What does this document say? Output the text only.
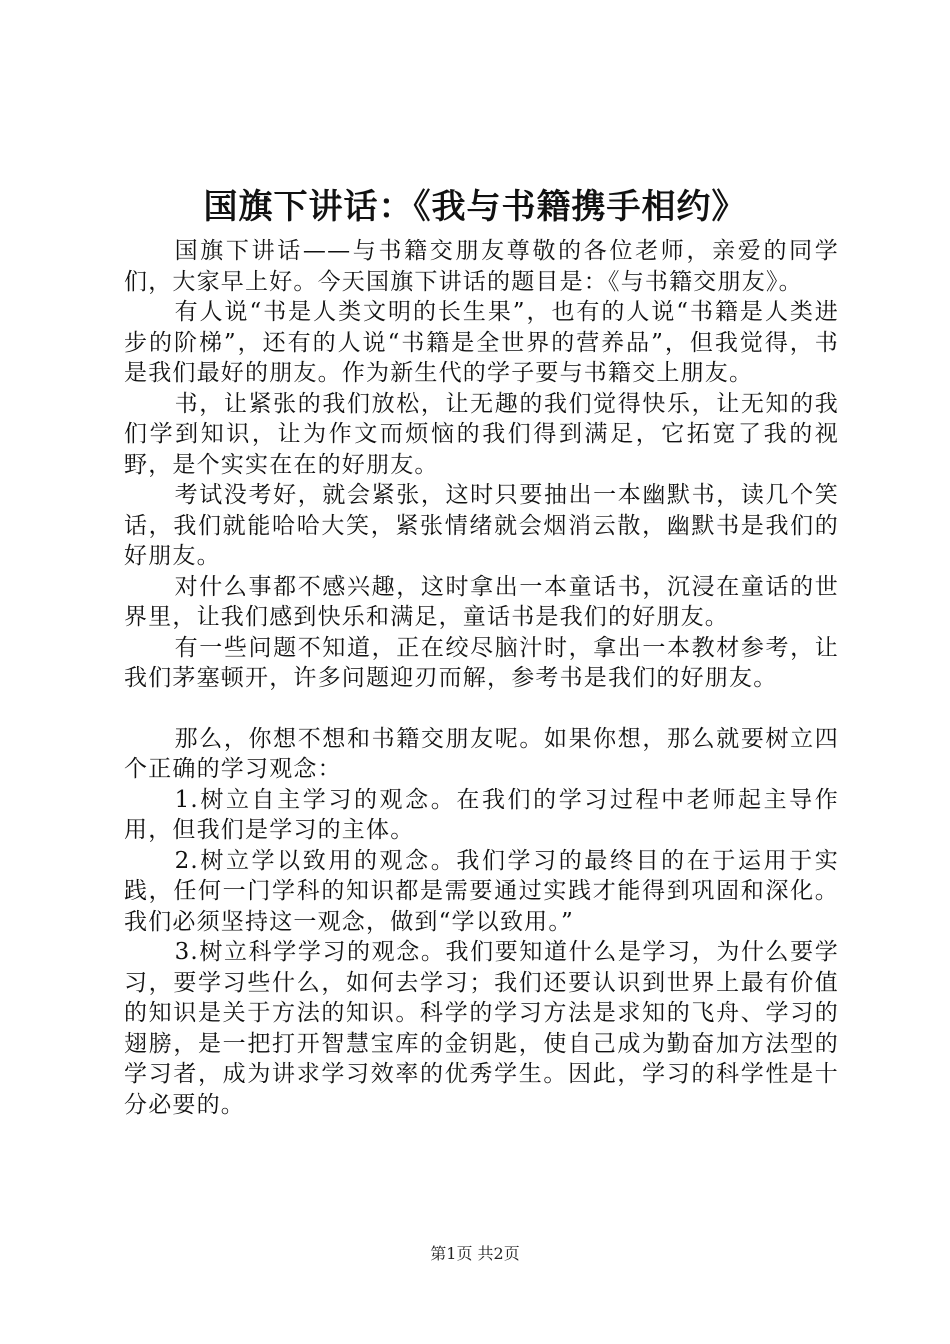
国旗下讲话：《我与书籍携手相约》

国旗下讲话——与书籍交朋友尊敬的各位老师，亲爱的同学们，大家早上好。今天国旗下讲话的题目是：《与书籍交朋友》。

有人说“书是人类文明的长生果”，也有的人说“书籍是人类进步的阶梯”，还有的人说“书籍是全世界的营养品”，但我觉得，书是我们最好的朋友。作为新生代的学子要与书籍交上朋友。

书，让紧张的我们放松，让无趣的我们觉得快乐，让无知的我们学到知识，让为作文而烦恼的我们得到满足，它拓宽了我的视野，是个实实在在的好朋友。

考试没考好，就会紧张，这时只要抽出一本幽默书，读几个笑话，我们就能哈哈大笑，紧张情绪就会烟消云散，幽默书是我们的好朋友。

对什么事都不感兴趣，这时拿出一本童话书，沉浸在童话的世界里，让我们感到快乐和满足，童话书是我们的好朋友。

有一些问题不知道，正在绞尽脑汁时，拿出一本教材参考，让我们茅塞顿开，许多问题迎刃而解，参考书是我们的好朋友。

那么，你想不想和书籍交朋友呢。如果你想，那么就要树立四个正确的学习观念：

1.树立自主学习的观念。在我们的学习过程中老师起主导作用，但我们是学习的主体。

2.树立学以致用的观念。我们学习的最终目的在于运用于实践，任何一门学科的知识都是需要通过实践才能得到巩固和深化。我们必须坚持这一观念，做到“学以致用。”

3.树立科学学习的观念。我们要知道什么是学习，为什么要学习，要学习些什么，如何去学习；我们还要认识到世界上最有价值的知识是关于方法的知识。科学的学习方法是求知的飞舟、学习的翅膀，是一把打开智慧宝库的金钥匙，使自己成为勤奋加方法型的学习者，成为讲求学习效率的优秀学生。因此，学习的科学性是十分必要的。

第1页 共2页
